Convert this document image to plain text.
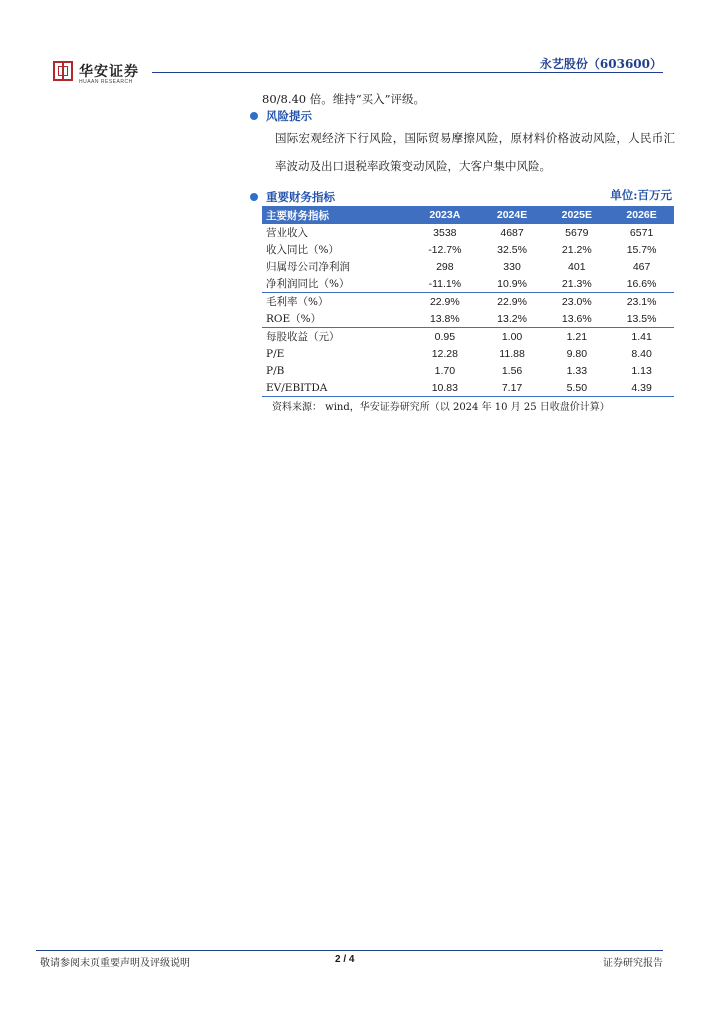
华安证券
HUAAN RESEARCH
永艺股份（603600）
80/8.40 倍。维持“买入”评级。
风险提示
国际宏观经济下行风险，国际贸易摩擦风险，原材料价格波动风险，人民币汇率波动及出口退税率政策变动风险，大客户集中风险。
重要财务指标	单位:百万元
主要财务指标	2023A	2024E	2025E	2026E
营业收入	3538	4687	5679	6571
收入同比（%）	-12.7%	32.5%	21.2%	15.7%
归属母公司净利润	298	330	401	467
净利润同比（%）	-11.1%	10.9%	21.3%	16.6%
毛利率（%）	22.9%	22.9%	23.0%	23.1%
ROE（%）	13.8%	13.2%	13.6%	13.5%
每股收益（元）	0.95	1.00	1.21	1.41
P/E	12.28	11.88	9.80	8.40
P/B	1.70	1.56	1.33	1.13
EV/EBITDA	10.83	7.17	5.50	4.39
资料来源： wind，华安证券研究所（以 2024 年 10 月 25 日收盘价计算）
敬请参阅末页重要声明及评级说明	2 / 4	证券研究报告
